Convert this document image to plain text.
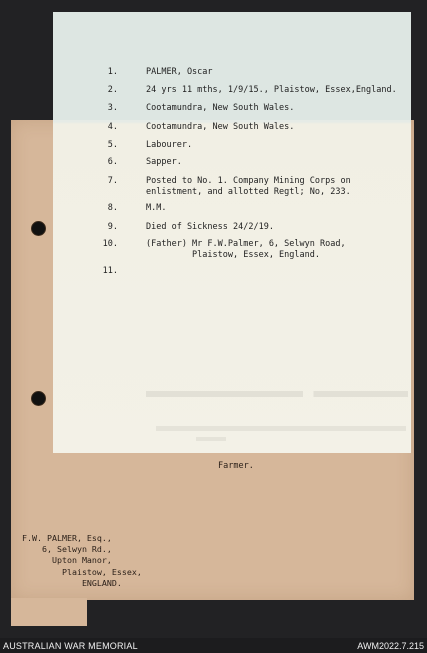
1.	PALMER, Oscar
2.	24 yrs 11 mths, 1/9/15., Plaistow, Essex,England.
3.	Cootamundra, New South Wales.
4.	Cootamundra, New South Wales.
5.	Labourer.
6.	Sapper.
7.	Posted to No. 1. Company Mining Corps on
enlistment, and allotted Regtl; No, 233.
8.	M.M.
9.	Died of Sickness 24/2/19.
10.	(Father) Mr F.W.Palmer, 6, Selwyn Road,
Plaistow, Essex, England.
11.
Farmer.
F.W. PALMER, Esq.,
6, Selwyn Rd.,
Upton Manor,
Plaistow, Essex,
ENGLAND.
AUSTRALIAN WAR MEMORIAL	AWM2022.7.215
